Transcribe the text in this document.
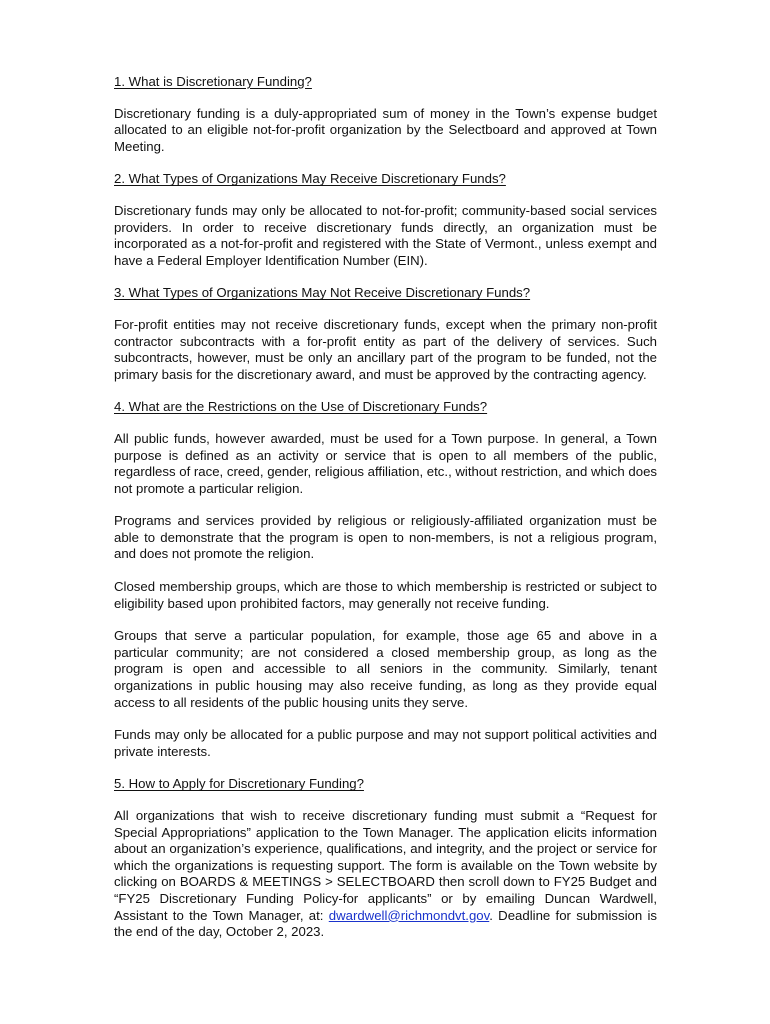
1. What is Discretionary Funding?
Discretionary funding is a duly-appropriated sum of money in the Town’s expense budget allocated to an eligible not-for-profit organization by the Selectboard and approved at Town Meeting.
2. What Types of Organizations May Receive Discretionary Funds?
Discretionary funds may only be allocated to not-for-profit; community-based social services providers. In order to receive discretionary funds directly, an organization must be incorporated as a not-for-profit and registered with the State of Vermont., unless exempt and have a Federal Employer Identification Number (EIN).
3. What Types of Organizations May Not Receive Discretionary Funds?
For-profit entities may not receive discretionary funds, except when the primary non-profit contractor subcontracts with a for-profit entity as part of the delivery of services. Such subcontracts, however, must be only an ancillary part of the program to be funded, not the primary basis for the discretionary award, and must be approved by the contracting agency.
4. What are the Restrictions on the Use of Discretionary Funds?
All public funds, however awarded, must be used for a Town purpose. In general, a Town purpose is defined as an activity or service that is open to all members of the public, regardless of race, creed, gender, religious affiliation, etc., without restriction, and which does not promote a particular religion.
Programs and services provided by religious or religiously-affiliated organization must be able to demonstrate that the program is open to non-members, is not a religious program, and does not promote the religion.
Closed membership groups, which are those to which membership is restricted or subject to eligibility based upon prohibited factors, may generally not receive funding.
Groups that serve a particular population, for example, those age 65 and above in a particular community; are not considered a closed membership group, as long as the program is open and accessible to all seniors in the community. Similarly, tenant organizations in public housing may also receive funding, as long as they provide equal access to all residents of the public housing units they serve.
Funds may only be allocated for a public purpose and may not support political activities and private interests.
5. How to Apply for Discretionary Funding?
All organizations that wish to receive discretionary funding must submit a “Request for Special Appropriations” application to the Town Manager. The application elicits information about an organization’s experience, qualifications, and integrity, and the project or service for which the organizations is requesting support. The form is available on the Town website by clicking on BOARDS & MEETINGS > SELECTBOARD then scroll down to FY25 Budget and “FY25 Discretionary Funding Policy-for applicants” or by emailing Duncan Wardwell, Assistant to the Town Manager, at: dwardwell@richmondvt.gov. Deadline for submission is the end of the day, October 2, 2023.
